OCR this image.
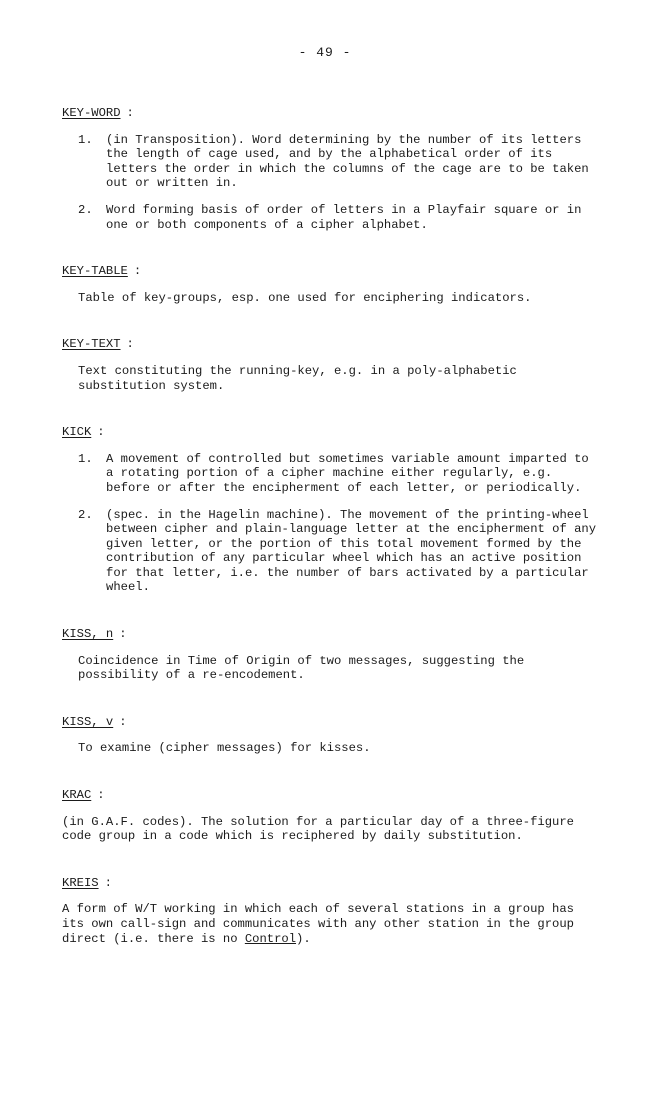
- 49 -
KEY-WORD :
1.	(in Transposition). Word determining by the number of its letters the length of cage used, and by the alphabetical order of its letters the order in which the columns of the cage are to be taken out or written in.
2.	Word forming basis of order of letters in a Playfair square or in one or both components of a cipher alphabet.
KEY-TABLE :
Table of key-groups, esp. one used for enciphering indicators.
KEY-TEXT :
Text constituting the running-key, e.g. in a poly-alphabetic substitution system.
KICK :
1.	A movement of controlled but sometimes variable amount imparted to a rotating portion of a cipher machine either regularly, e.g. before or after the encipherment of each letter, or periodically.
2.	(spec. in the Hagelin machine). The movement of the printing-wheel between cipher and plain-language letter at the encipherment of any given letter, or the portion of this total movement formed by the contribution of any particular wheel which has an active position for that letter, i.e. the number of bars activated by a particular wheel.
KISS, n :
Coincidence in Time of Origin of two messages, suggesting the possibility of a re-encodement.
KISS, v :
To examine (cipher messages) for kisses.
KRAC :
(in G.A.F. codes). The solution for a particular day of a three-figure code group in a code which is reciphered by daily substitution.
KREIS :
A form of W/T working in which each of several stations in a group has its own call-sign and communicates with any other station in the group direct (i.e. there is no Control).
